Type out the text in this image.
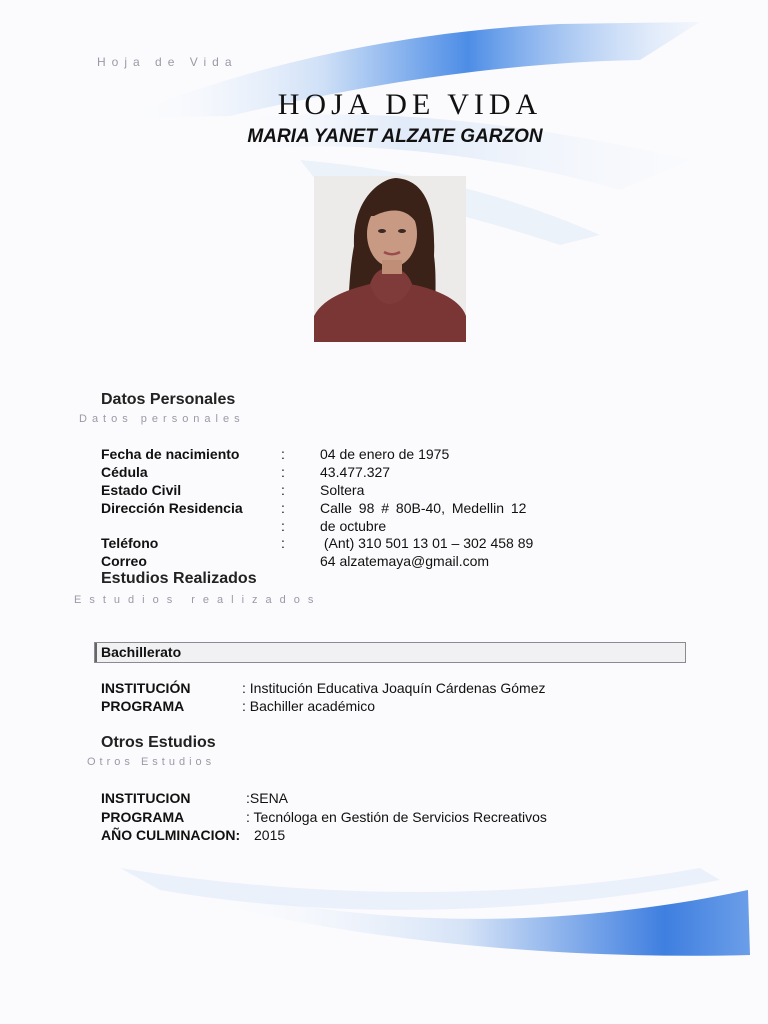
Hoja de Vida
HOJA DE VIDA
MARIA YANET ALZATE GARZON
Datos Personales
Datos personales
Fecha de nacimiento	:	04 de enero de 1975
Cédula	:	43.477.327
Estado Civil	:	Soltera
Dirección Residencia	:	Calle 98 # 80B-40, Medellin 12
:	de octubre
Teléfono	:	(Ant) 310 501 13 01 – 302 458 89
Correo	64 alzatemaya@gmail.com
Estudios Realizados
Estudios realizados
Bachillerato
INSTITUCIÓN	: Institución Educativa Joaquín Cárdenas Gómez
PROGRAMA	: Bachiller académico
Otros Estudios
Otros Estudios
INSTITUCION	:SENA
PROGRAMA	: Tecnóloga en Gestión de Servicios Recreativos
AÑO CULMINACION: 2015
